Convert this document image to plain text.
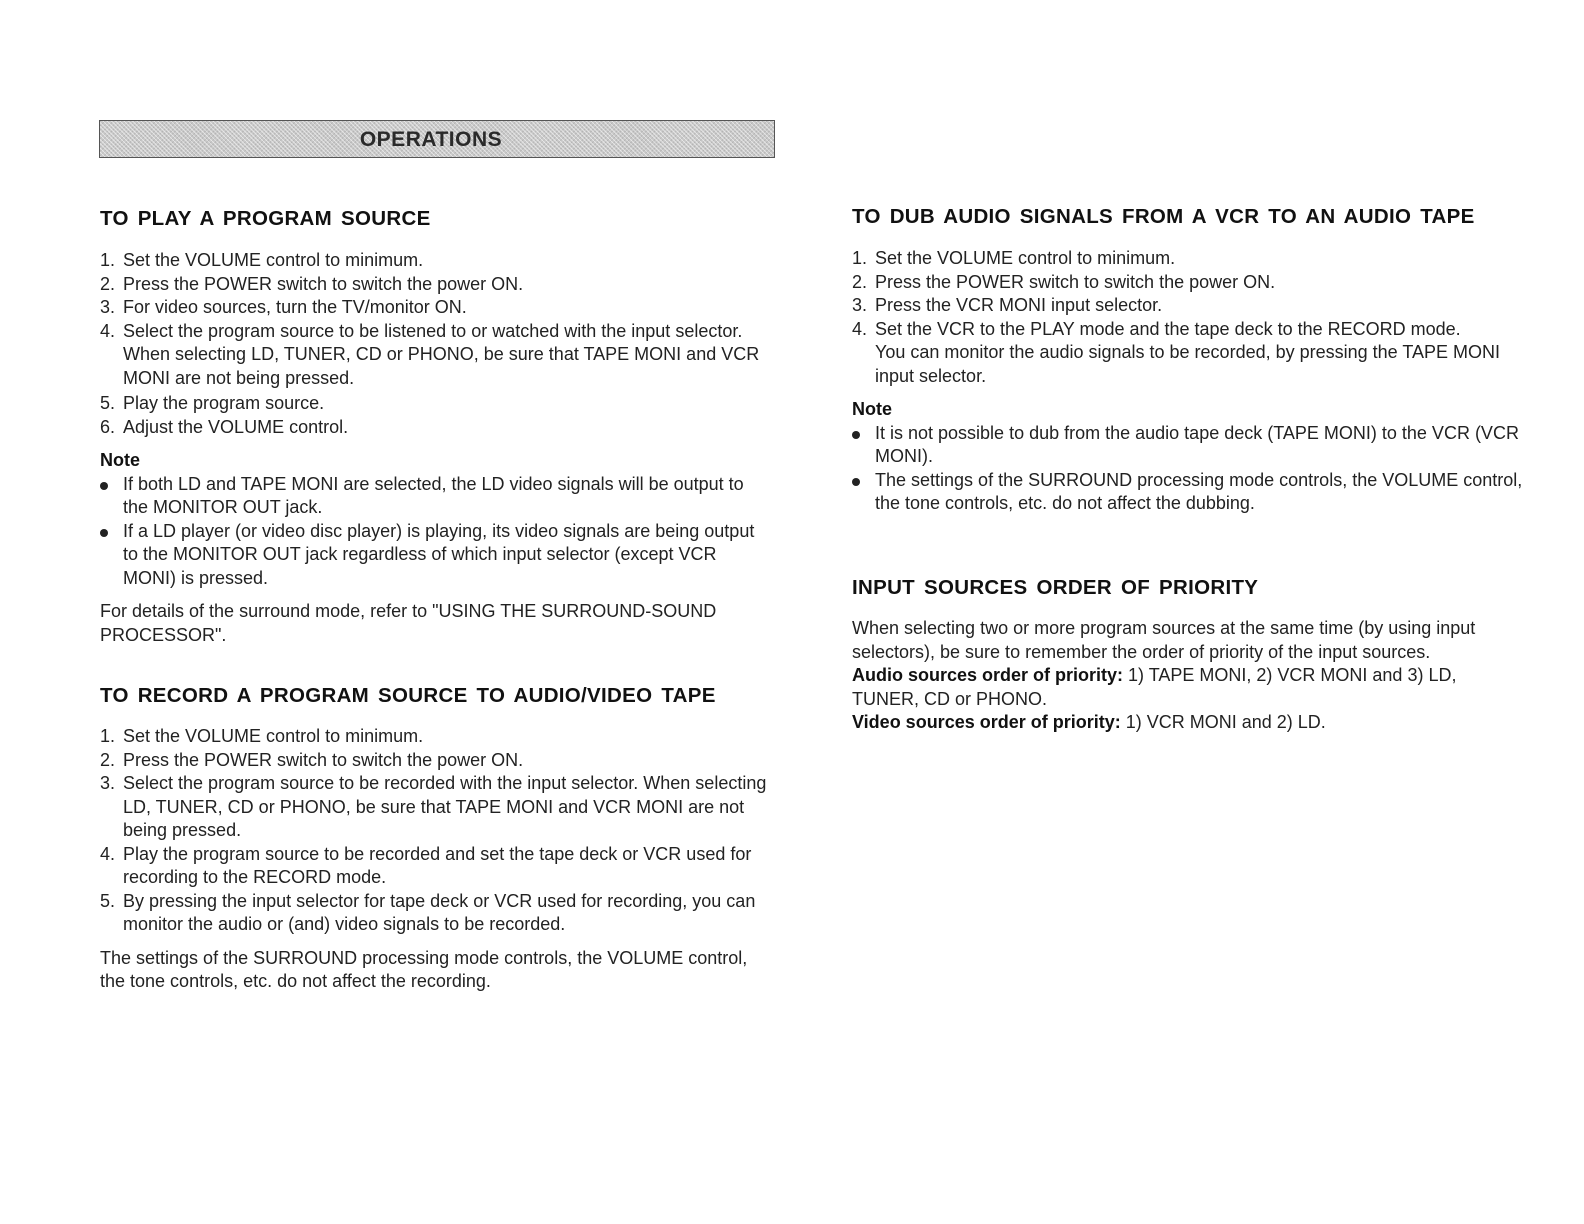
OPERATIONS
TO PLAY A PROGRAM SOURCE
1. Set the VOLUME control to minimum.
2. Press the POWER switch to switch the power ON.
3. For video sources, turn the TV/monitor ON.
4. Select the program source to be listened to or watched with the input selector. When selecting LD, TUNER, CD or PHONO, be sure that TAPE MONI and VCR MONI are not being pressed.
5. Play the program source.
6. Adjust the VOLUME control.
Note
If both LD and TAPE MONI are selected, the LD video signals will be output to the MONITOR OUT jack.
If a LD player (or video disc player) is playing, its video signals are being output to the MONITOR OUT jack regardless of which input selector (except VCR MONI) is pressed.

For details of the surround mode, refer to "USING THE SURROUND-SOUND PROCESSOR".

TO RECORD A PROGRAM SOURCE TO AUDIO/VIDEO TAPE
1. Set the VOLUME control to minimum.
2. Press the POWER switch to switch the power ON.
3. Select the program source to be recorded with the input selector. When selecting LD, TUNER, CD or PHONO, be sure that TAPE MONI and VCR MONI are not being pressed.
4. Play the program source to be recorded and set the tape deck or VCR used for recording to the RECORD mode.
5. By pressing the input selector for tape deck or VCR used for recording, you can monitor the audio or (and) video signals to be recorded.

The settings of the SURROUND processing mode controls, the VOLUME control, the tone controls, etc. do not affect the recording.

TO DUB AUDIO SIGNALS FROM A VCR TO AN AUDIO TAPE
1. Set the VOLUME control to minimum.
2. Press the POWER switch to switch the power ON.
3. Press the VCR MONI input selector.
4. Set the VCR to the PLAY mode and the tape deck to the RECORD mode.
You can monitor the audio signals to be recorded, by pressing the TAPE MONI input selector.
Note
It is not possible to dub from the audio tape deck (TAPE MONI) to the VCR (VCR MONI).
The settings of the SURROUND processing mode controls, the VOLUME control, the tone controls, etc. do not affect the dubbing.
INPUT SOURCES ORDER OF PRIORITY

When selecting two or more program sources at the same time (by using input selectors), be sure to remember the order of priority of the input sources.

Audio sources order of priority: 1) TAPE MONI, 2) VCR MONI and 3) LD, TUNER, CD or PHONO.

Video sources order of priority: 1) VCR MONI and 2) LD.
